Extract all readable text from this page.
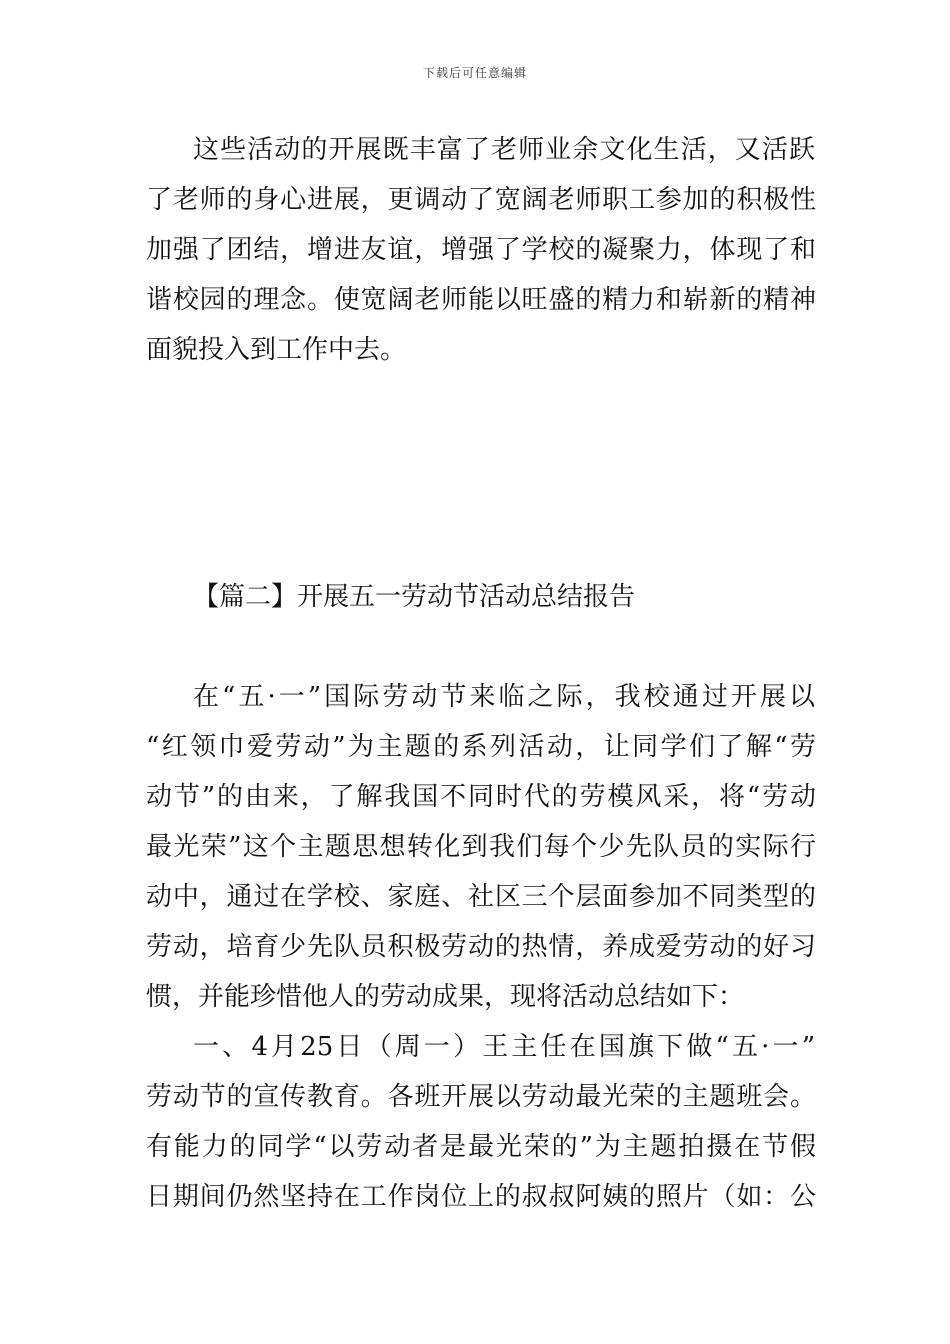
下载后可任意编辑
这些活动的开展既丰富了老师业余文化生活，又活跃
了老师的身心进展，更调动了宽阔老师职工参加的积极性
加强了团结，增进友谊，增强了学校的凝聚力，体现了和
谐校园的理念。使宽阔老师能以旺盛的精力和崭新的精神
面貌投入到工作中去。
【篇二】开展五一劳动节活动总结报告
在“五·一”国际劳动节来临之际，我校通过开展以
“红领巾爱劳动”为主题的系列活动，让同学们了解“劳
动节”的由来，了解我国不同时代的劳模风采，将“劳动
最光荣”这个主题思想转化到我们每个少先队员的实际行
动中，通过在学校、家庭、社区三个层面参加不同类型的
劳动，培育少先队员积极劳动的热情，养成爱劳动的好习
惯，并能珍惜他人的劳动成果，现将活动总结如下：
一、4月25日（周一）王主任在国旗下做“五·一”
劳动节的宣传教育。各班开展以劳动最光荣的主题班会。
有能力的同学“以劳动者是最光荣的”为主题拍摄在节假
日期间仍然坚持在工作岗位上的叔叔阿姨的照片（如：公
